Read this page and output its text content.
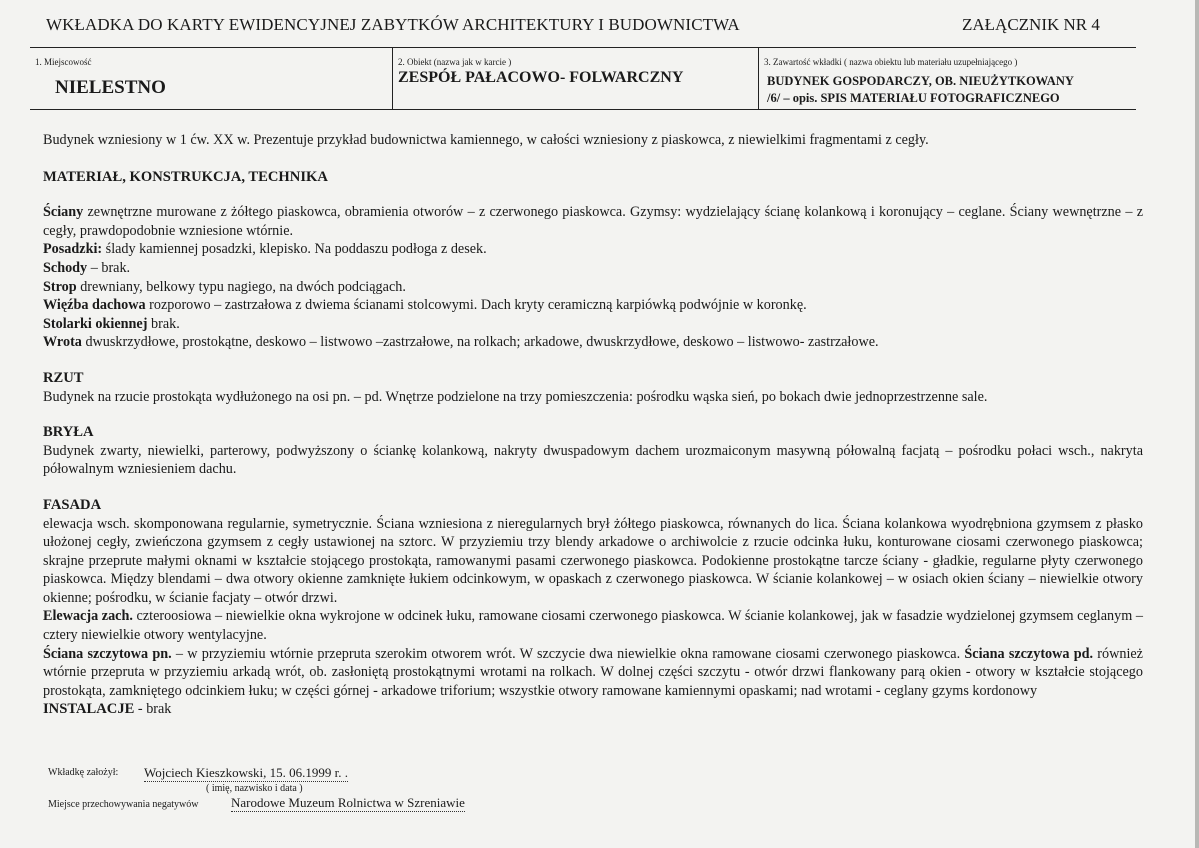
WKŁADKA DO KARTY EWIDENCYJNEJ ZABYTKÓW ARCHITEKTURY I BUDOWNICTWA	ZAŁĄCZNIK NR 4
1. Miejscowość
NIELESTNO
2. Obiekt (nazwa jak w karcie )
ZESPÓŁ PAŁACOWO- FOLWARCZNY
3. Zawartość wkładki ( nazwa obiektu lub materiału uzupełniającego )
BUDYNEK GOSPODARCZY, OB. NIEUŻYTKOWANY
/6/ – opis. SPIS MATERIAŁU FOTOGRAFICZNEGO

Budynek wzniesiony w 1 ćw. XX w. Prezentuje przykład budownictwa kamiennego, w całości wzniesiony z piaskowca, z niewielkimi fragmentami z cegły.

MATERIAŁ, KONSTRUKCJA, TECHNIKA

Ściany zewnętrzne murowane z żółtego piaskowca, obramienia otworów – z czerwonego piaskowca. Gzymsy: wydzielający ścianę kolankową i koronujący – ceglane. Ściany wewnętrzne – z cegły, prawdopodobnie wzniesione wtórnie.

Posadzki: ślady kamiennej posadzki, klepisko. Na poddaszu podłoga z desek.

Schody – brak.

Strop drewniany, belkowy typu nagiego, na dwóch podciągach.

Więźba dachowa rozporowo – zastrzałowa z dwiema ścianami stolcowymi. Dach kryty ceramiczną karpiówką podwójnie w koronkę.

Stolarki okiennej brak.

Wrota dwuskrzydłowe, prostokątne, deskowo – listwowo –zastrzałowe, na rolkach; arkadowe, dwuskrzydłowe, deskowo – listwowo- zastrzałowe.

RZUT

Budynek na rzucie prostokąta wydłużonego na osi pn. – pd. Wnętrze podzielone na trzy pomieszczenia: pośrodku wąska sień, po bokach dwie jednoprzestrzenne sale.

BRYŁA

Budynek zwarty, niewielki, parterowy, podwyższony o ściankę kolankową, nakryty dwuspadowym dachem urozmaiconym masywną półowalną facjatą – pośrodku połaci wsch., nakryta półowalnym wzniesieniem dachu.

FASADA

elewacja wsch. skomponowana regularnie, symetrycznie. Ściana wzniesiona z nieregularnych brył żółtego piaskowca, równanych do lica. Ściana kolankowa wyodrębniona gzymsem z płasko ułożonej cegły, zwieńczona gzymsem z cegły ustawionej na sztorc. W przyziemiu trzy blendy arkadowe o archiwolcie z rzucie odcinka łuku, konturowane ciosami czerwonego piaskowca; skrajne przeprute małymi oknami w kształcie stojącego prostokąta, ramowanymi pasami czerwonego piaskowca. Podokienne prostokątne tarcze ściany - gładkie, regularne płyty czerwonego piaskowca. Między blendami – dwa otwory okienne zamknięte łukiem odcinkowym, w opaskach z czerwonego piaskowca. W ścianie kolankowej – w osiach okien ściany – niewielkie otwory okienne; pośrodku, w ścianie facjaty – otwór drzwi.

Elewacja zach. czteroosiowa – niewielkie okna wykrojone w odcinek łuku, ramowane ciosami czerwonego piaskowca. W ścianie kolankowej, jak w fasadzie wydzielonej gzymsem ceglanym – cztery niewielkie otwory wentylacyjne.

Ściana szczytowa pn. – w przyziemiu wtórnie przepruta szerokim otworem wrót. W szczycie dwa niewielkie okna ramowane ciosami czerwonego piaskowca. Ściana szczytowa pd. również wtórnie przepruta w przyziemiu arkadą wrót, ob. zasłoniętą prostokątnymi wrotami na rolkach. W dolnej części szczytu - otwór drzwi flankowany parą okien - otwory w kształcie stojącego prostokąta, zamkniętego odcinkiem łuku; w części górnej - arkadowe triforium; wszystkie otwory ramowane kamiennymi opaskami; nad wrotami - ceglany gzyms kordonowy

INSTALACJE - brak

Wkładkę założył: Wojciech Kieszkowski, 15. 06.1999 r. .
( imię, nazwisko i data )
Miejsce przechowywania negatywów	Narodowe Muzeum Rolnictwa w Szreniawie
